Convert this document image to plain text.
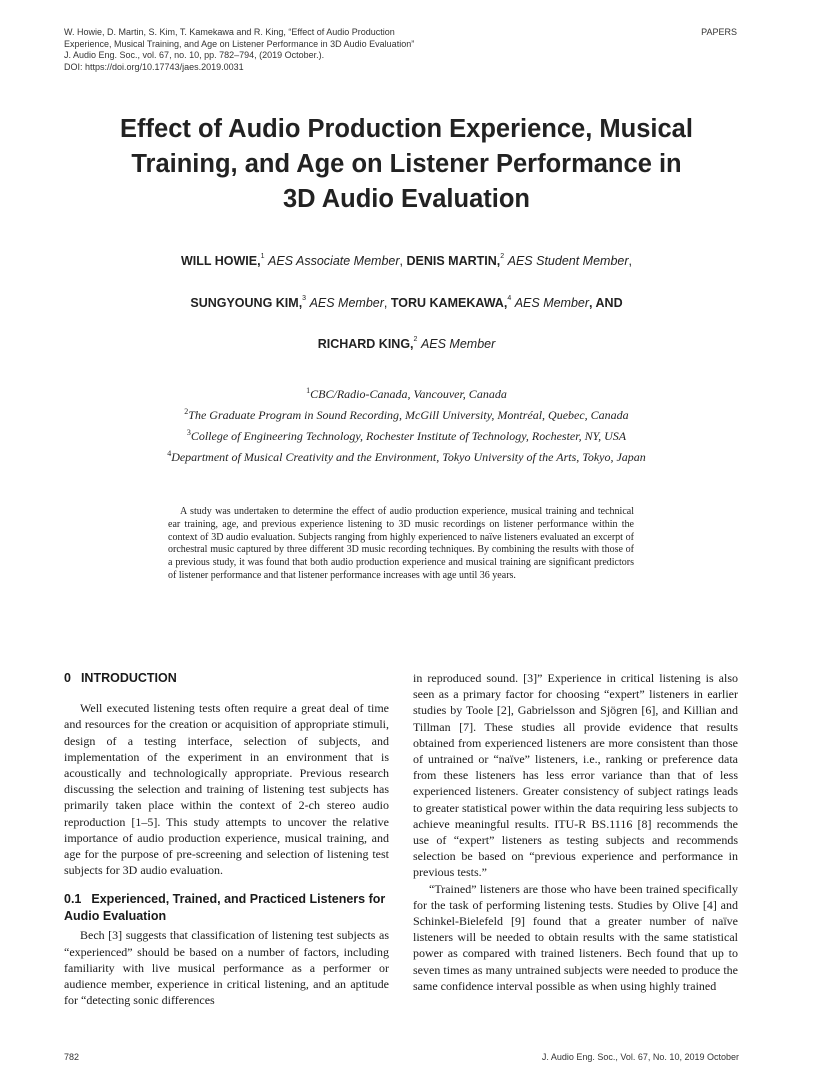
W. Howie, D. Martin, S. Kim, T. Kamekawa and R. King, “Effect of Audio Production
Experience, Musical Training, and Age on Listener Performance in 3D Audio Evaluation”
J. Audio Eng. Soc., vol. 67, no. 10, pp. 782–794, (2019 October.).
DOI: https://doi.org/10.17743/jaes.2019.0031
PAPERS
Effect of Audio Production Experience, Musical
Training, and Age on Listener Performance in
3D Audio Evaluation
WILL HOWIE,$^1$ AES Associate Member, DENIS MARTIN,$^2$ AES Student Member,
SUNGYOUNG KIM,$^3$ AES Member, TORU KAMEKAWA,$^4$ AES Member, AND
RICHARD KING,$^2$ AES Member
$^1$CBC/Radio-Canada, Vancouver, Canada
$^2$The Graduate Program in Sound Recording, McGill University, Montréal, Quebec, Canada
$^3$College of Engineering Technology, Rochester Institute of Technology, Rochester, NY, USA
$^4$Department of Musical Creativity and the Environment, Tokyo University of the Arts, Tokyo, Japan

A study was undertaken to determine the effect of audio production experience, musical training and technical ear training, age, and previous experience listening to 3D music recordings on listener performance within the context of 3D audio evaluation. Subjects ranging from highly experienced to naïve listeners evaluated an excerpt of orchestral music captured by three different 3D music recording techniques. By combining the results with those of a previous study, it was found that both audio production experience and musical training are significant predictors of listener performance and that listener performance increases with age until 36 years.

0 INTRODUCTION

Well executed listening tests often require a great deal of time and resources for the creation or acquisition of appropriate stimuli, design of a testing interface, selection of subjects, and implementation of the experiment in an environment that is acoustically and technologically appropriate. Previous research discussing the selection and training of listening test subjects has primarily taken place within the context of 2-ch stereo audio reproduction [1–5]. This study attempts to uncover the relative importance of audio production experience, musical training, and age for the purpose of pre-screening and selection of listening test subjects for 3D audio evaluation.

0.1 Experienced, Trained, and Practiced Listeners for Audio Evaluation

Bech [3] suggests that classification of listening test subjects as “experienced” should be based on a number of factors, including familiarity with live musical performance as a performer or audience member, experience in critical listening, and an aptitude for “detecting sonic differences

in reproduced sound. [3]” Experience in critical listening is also seen as a primary factor for choosing “expert” listeners in earlier studies by Toole [2], Gabrielsson and Sjögren [6], and Killian and Tillman [7]. These studies all provide evidence that results obtained from experienced listeners are more consistent than those of untrained or “naïve” listeners, i.e., ranking or preference data from these listeners has less error variance than that of less experienced listeners. Greater consistency of subject ratings leads to greater statistical power within the data requiring less subjects to achieve meaningful results. ITU-R BS.1116 [8] recommends the use of “expert” listeners as testing subjects and recommends selection be based on “previous experience and performance in previous tests.”

“Trained” listeners are those who have been trained specifically for the task of performing listening tests. Studies by Olive [4] and Schinkel-Bielefeld [9] found that a greater number of naïve listeners will be needed to obtain results with the same statistical power as compared with trained listeners. Bech found that up to seven times as many untrained subjects were needed to produce the same confidence interval possible as when using highly trained

782	J. Audio Eng. Soc., Vol. 67, No. 10, 2019 October
